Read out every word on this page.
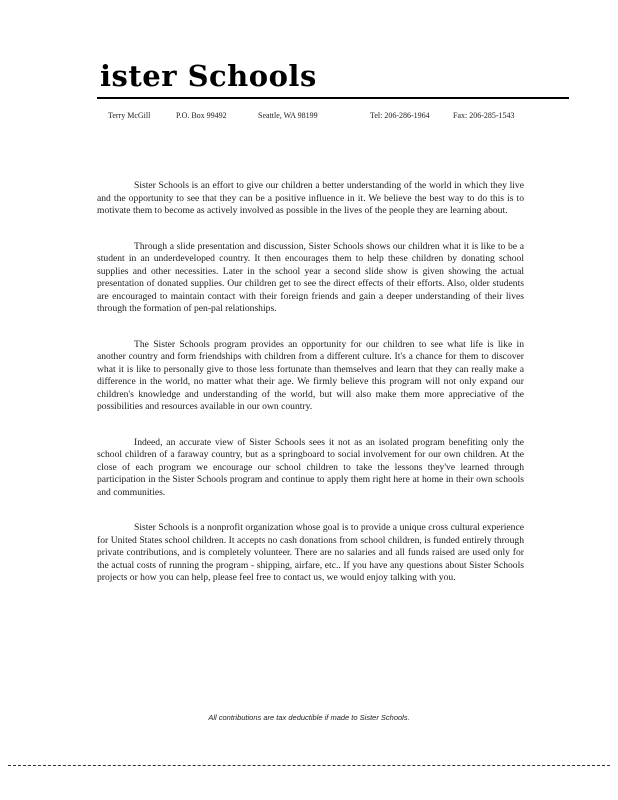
ister Schools
Terry McGill	P.O. Box 99492	Seattle, WA 98199	Tel: 206-286-1964	Fax: 206-285-1543

Sister Schools is an effort to give our children a better understanding of the world in which they live and the opportunity to see that they can be a positive influence in it. We believe the best way to do this is to motivate them to become as actively involved as possible in the lives of the people they are learning about.

Through a slide presentation and discussion, Sister Schools shows our children what it is like to be a student in an underdeveloped country. It then encourages them to help these children by donating school supplies and other necessities. Later in the school year a second slide show is given showing the actual presentation of donated supplies. Our children get to see the direct effects of their efforts. Also, older students are encouraged to maintain contact with their foreign friends and gain a deeper understanding of their lives through the formation of pen-pal relationships.

The Sister Schools program provides an opportunity for our children to see what life is like in another country and form friendships with children from a different culture. It's a chance for them to discover what it is like to personally give to those less fortunate than themselves and learn that they can really make a difference in the world, no matter what their age. We firmly believe this program will not only expand our children's knowledge and understanding of the world, but will also make them more appreciative of the possibilities and resources available in our own country.

Indeed, an accurate view of Sister Schools sees it not as an isolated program benefiting only the school children of a faraway country, but as a springboard to social involvement for our own children. At the close of each program we encourage our school children to take the lessons they've learned through participation in the Sister Schools program and continue to apply them right here at home in their own schools and communities.

Sister Schools is a nonprofit organization whose goal is to provide a unique cross cultural experience for United States school children. It accepts no cash donations from school children, is funded entirely through private contributions, and is completely volunteer. There are no salaries and all funds raised are used only for the actual costs of running the program - shipping, airfare, etc.. If you have any questions about Sister Schools projects or how you can help, please feel free to contact us, we would enjoy talking with you.

All contributions are tax deductible if made to Sister Schools.
